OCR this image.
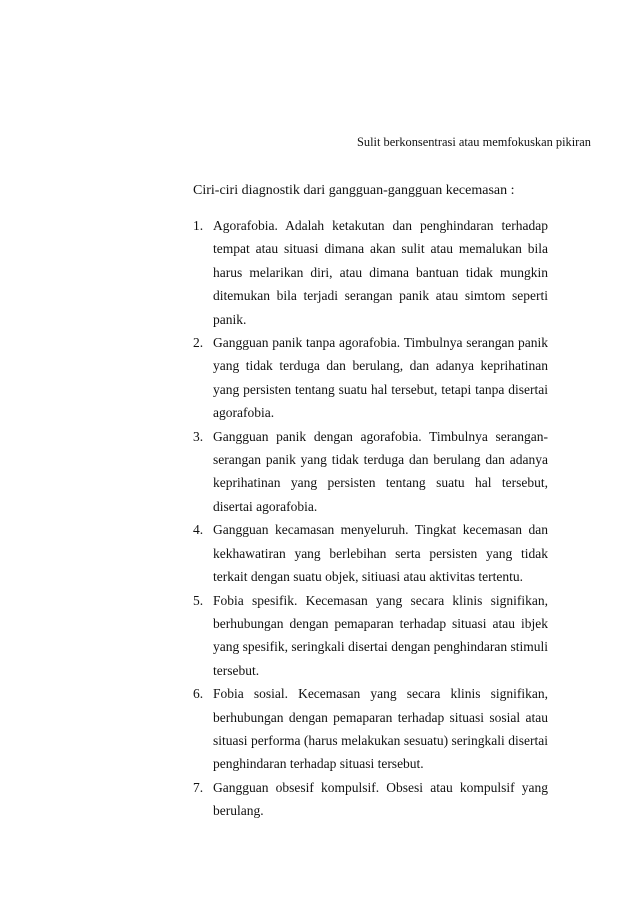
Sulit berkonsentrasi atau memfokuskan pikiran
Ciri-ciri diagnostik dari gangguan-gangguan kecemasan :
1. Agorafobia. Adalah ketakutan dan penghindaran terhadap tempat atau situasi dimana akan sulit atau memalukan bila harus melarikan diri, atau dimana bantuan tidak mungkin ditemukan bila terjadi serangan panik atau simtom seperti panik.
2. Gangguan panik tanpa agorafobia. Timbulnya serangan panik yang tidak terduga dan berulang, dan adanya keprihatinan yang persisten tentang suatu hal tersebut, tetapi tanpa disertai agorafobia.
3. Gangguan panik dengan agorafobia. Timbulnya serangan-serangan panik yang tidak terduga dan berulang dan adanya keprihatinan yang persisten tentang suatu hal tersebut, disertai agorafobia.
4. Gangguan kecamasan menyeluruh. Tingkat kecemasan dan kekhawatiran yang berlebihan serta persisten yang tidak terkait dengan suatu objek, sitiuasi atau aktivitas tertentu.
5. Fobia spesifik. Kecemasan yang secara klinis signifikan, berhubungan dengan pemaparan terhadap situasi atau ibjek yang spesifik, seringkali disertai dengan penghindaran stimuli tersebut.
6. Fobia sosial. Kecemasan yang secara klinis signifikan, berhubungan dengan pemaparan terhadap situasi sosial atau situasi performa (harus melakukan sesuatu) seringkali disertai penghindaran terhadap situasi tersebut.
7. Gangguan obsesif kompulsif. Obsesi atau kompulsif yang berulang.
